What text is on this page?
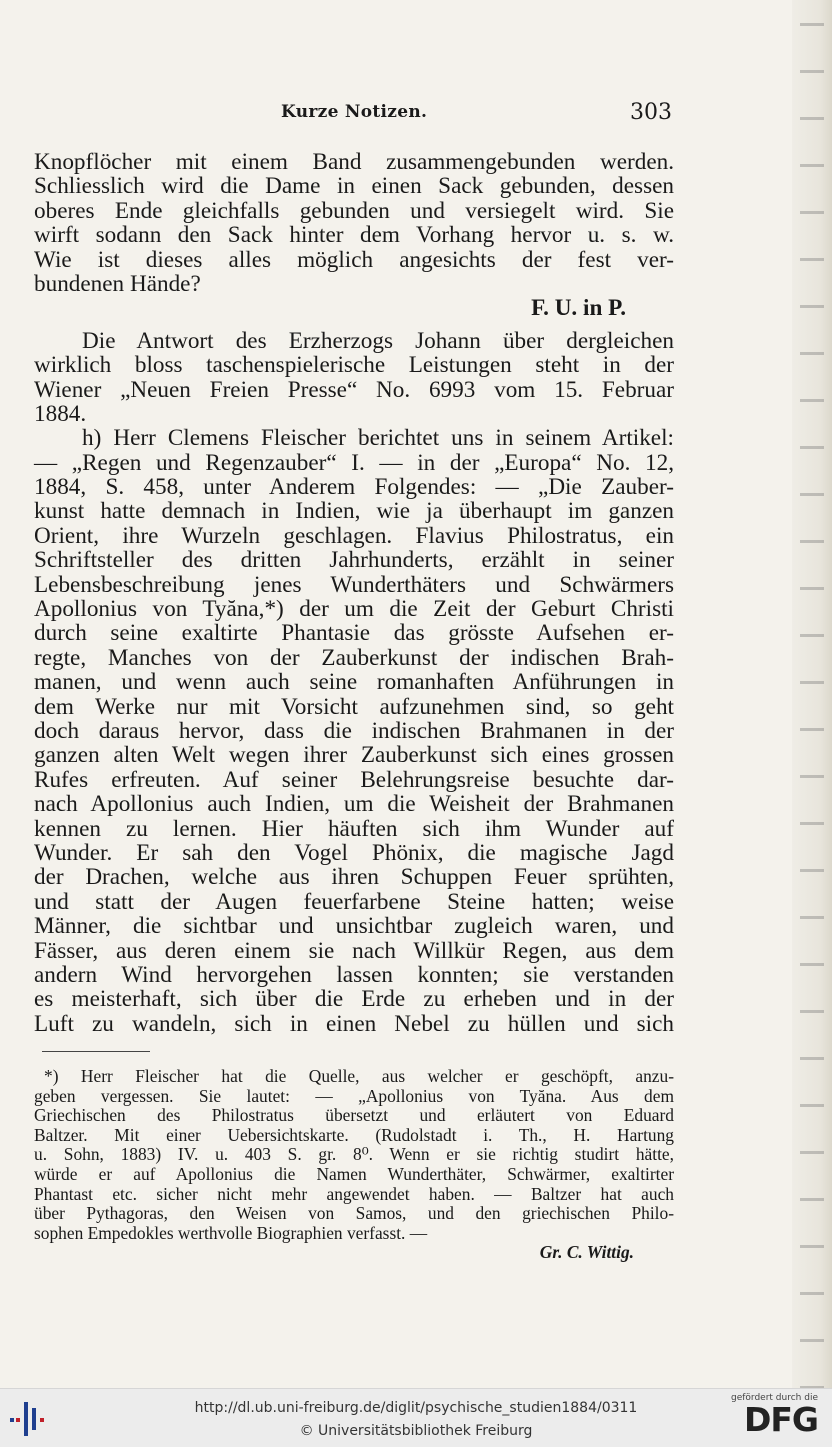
Kurze Notizen.	303
Knopflöcher mit einem Band zusammengebunden werden.
Schliesslich wird die Dame in einen Sack gebunden, dessen
oberes Ende gleichfalls gebunden und versiegelt wird. Sie
wirft sodann den Sack hinter dem Vorhang hervor u. s. w.
Wie ist dieses alles möglich angesichts der fest ver-
bundenen Hände?
F. U. in P.
Die Antwort des Erzherzogs Johann über dergleichen
wirklich bloss taschenspielerische Leistungen steht in der
Wiener „Neuen Freien Presse“ No. 6993 vom 15. Februar
1884.
h) Herr Clemens Fleischer berichtet uns in seinem Artikel:
— „Regen und Regenzauber“ I. — in der „Europa“ No. 12,
1884, S. 458, unter Anderem Folgendes: — „Die Zauber-
kunst hatte demnach in Indien, wie ja überhaupt im ganzen
Orient, ihre Wurzeln geschlagen. Flavius Philostratus, ein
Schriftsteller des dritten Jahrhunderts, erzählt in seiner
Lebensbeschreibung jenes Wunderthäters und Schwärmers
Apollonius von Tyăna,*) der um die Zeit der Geburt Christi
durch seine exaltirte Phantasie das grösste Aufsehen er-
regte, Manches von der Zauberkunst der indischen Brah-
manen, und wenn auch seine romanhaften Anführungen in
dem Werke nur mit Vorsicht aufzunehmen sind, so geht
doch daraus hervor, dass die indischen Brahmanen in der
ganzen alten Welt wegen ihrer Zauberkunst sich eines grossen
Rufes erfreuten. Auf seiner Belehrungsreise besuchte dar-
nach Apollonius auch Indien, um die Weisheit der Brahmanen
kennen zu lernen. Hier häuften sich ihm Wunder auf
Wunder. Er sah den Vogel Phönix, die magische Jagd
der Drachen, welche aus ihren Schuppen Feuer sprühten,
und statt der Augen feuerfarbene Steine hatten; weise
Männer, die sichtbar und unsichtbar zugleich waren, und
Fässer, aus deren einem sie nach Willkür Regen, aus dem
andern Wind hervorgehen lassen konnten; sie verstanden
es meisterhaft, sich über die Erde zu erheben und in der
Luft zu wandeln, sich in einen Nebel zu hüllen und sich
*) Herr Fleischer hat die Quelle, aus welcher er geschöpft, anzu-
geben vergessen. Sie lautet: — „Apollonius von Tyăna. Aus dem
Griechischen des Philostratus übersetzt und erläutert von Eduard
Baltzer. Mit einer Uebersichtskarte. (Rudolstadt i. Th., H. Hartung
u. Sohn, 1883) IV. u. 403 S. gr. 8⁰. Wenn er sie richtig studirt hätte,
würde er auf Apollonius die Namen Wunderthäter, Schwärmer, exaltirter
Phantast etc. sicher nicht mehr angewendet haben. — Baltzer hat auch
über Pythagoras, den Weisen von Samos, und den griechischen Philo-
sophen Empedokles werthvolle Biographien verfasst. —
Gr. C. Wittig.
http://dl.ub.uni-freiburg.de/diglit/psychische_studien1884/0311
© Universitätsbibliothek Freiburg
gefördert durch die
DFG
